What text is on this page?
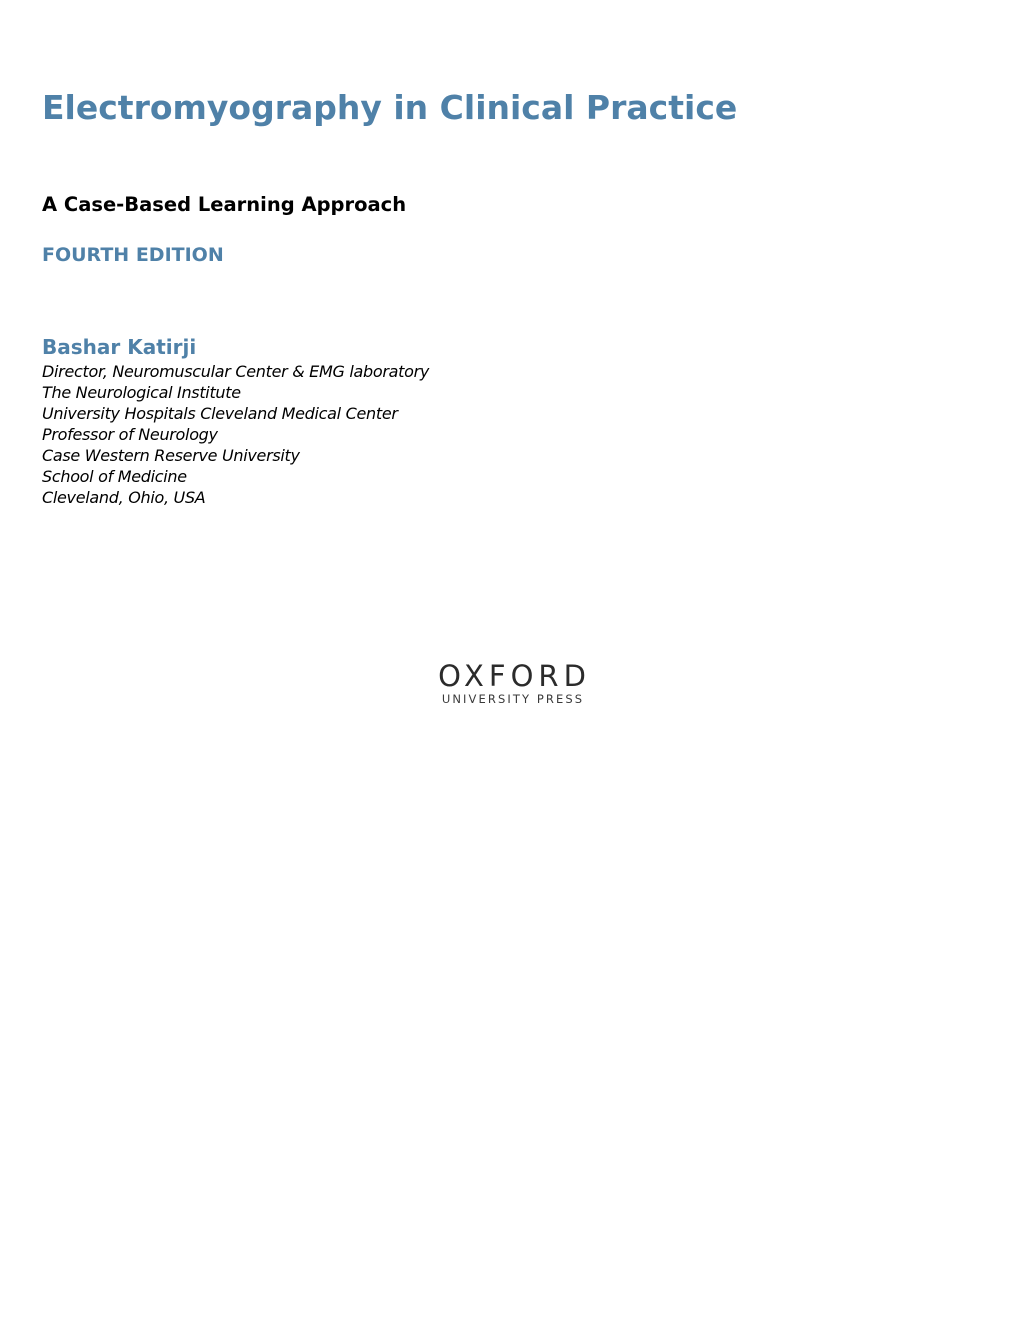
Electromyography in Clinical Practice
A Case-Based Learning Approach
FOURTH EDITION
Bashar Katirji
Director, Neuromuscular Center & EMG laboratory
The Neurological Institute
University Hospitals Cleveland Medical Center
Professor of Neurology
Case Western Reserve University
School of Medicine
Cleveland, Ohio, USA
OXFORD
UNIVERSITY PRESS
